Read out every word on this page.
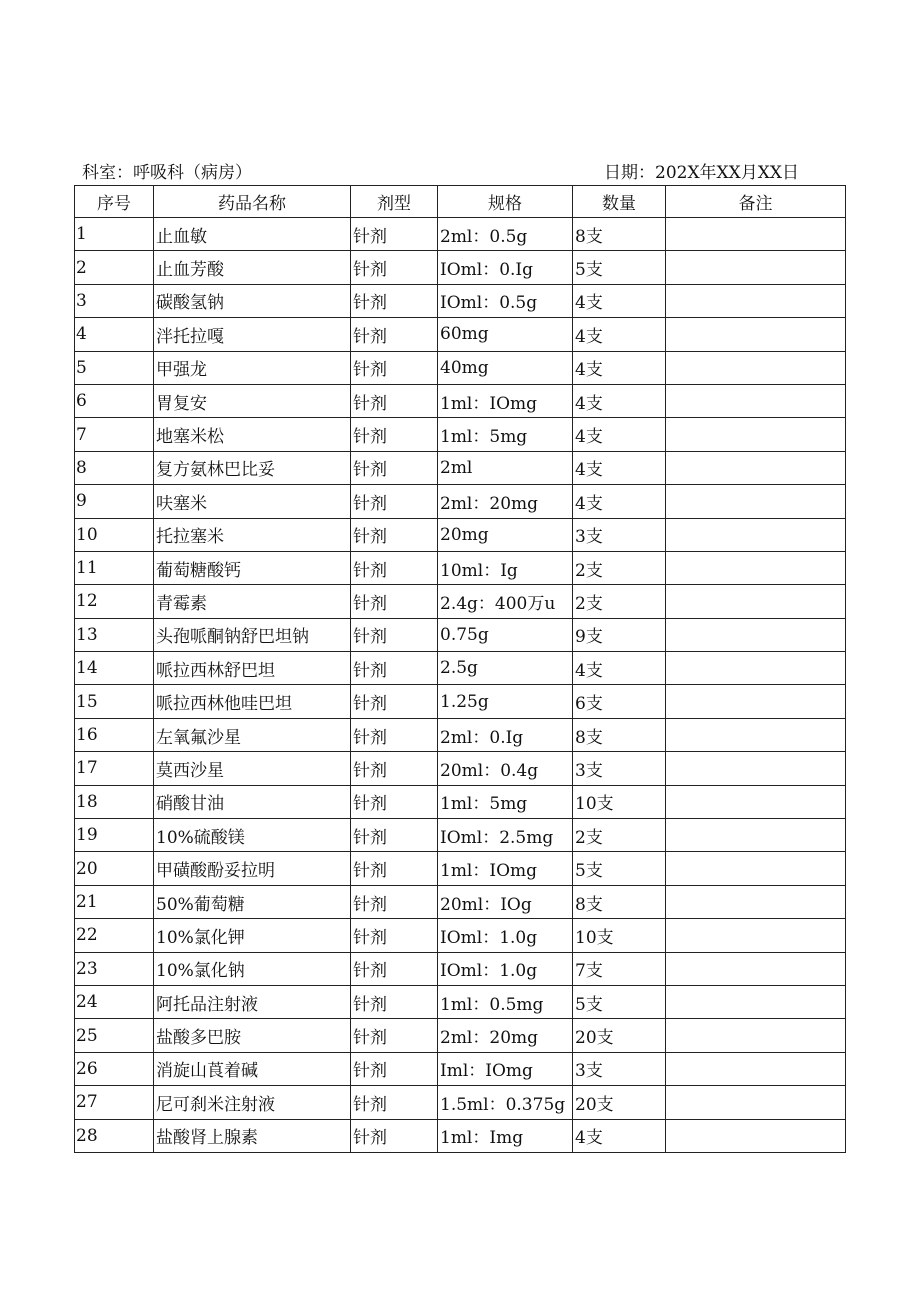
科室：呼吸科（病房）	日期：202X年XX月XX日
序号	药品名称	剂型	规格	数量	备注
1	止血敏	针剂	2ml：0.5g	8支	
2	止血芳酸	针剂	IOml：0.Ig	5支	
3	碳酸氢钠	针剂	IOml：0.5g	4支	
4	泮托拉嘎	针剂	60mg	4支	
5	甲强龙	针剂	40mg	4支	
6	胃复安	针剂	1ml：IOmg	4支	
7	地塞米松	针剂	1ml：5mg	4支	
8	复方氨林巴比妥	针剂	2ml	4支	
9	呋塞米	针剂	2ml：20mg	4支	
10	托拉塞米	针剂	20mg	3支	
11	葡萄糖酸钙	针剂	10ml：Ig	2支	
12	青霉素	针剂	2.4g：400万u	2支	
13	头孢哌酮钠舒巴坦钠	针剂	0.75g	9支	
14	哌拉西林舒巴坦	针剂	2.5g	4支	
15	哌拉西林他哇巴坦	针剂	1.25g	6支	
16	左氧氟沙星	针剂	2ml：0.Ig	8支	
17	莫西沙星	针剂	20ml：0.4g	3支	
18	硝酸甘油	针剂	1ml：5mg	10支	
19	10%硫酸镁	针剂	IOml：2.5mg	2支	
20	甲磺酸酚妥拉明	针剂	1ml：IOmg	5支	
21	50%葡萄糖	针剂	20ml：IOg	8支	
22	10%氯化钾	针剂	IOml：1.0g	10支	
23	10%氯化钠	针剂	IOml：1.0g	7支	
24	阿托品注射液	针剂	1ml：0.5mg	5支	
25	盐酸多巴胺	针剂	2ml：20mg	20支	
26	消旋山莨着碱	针剂	Iml：IOmg	3支	
27	尼可刹米注射液	针剂	1.5ml：0.375g	20支	
28	盐酸肾上腺素	针剂	1ml：Img	4支	
